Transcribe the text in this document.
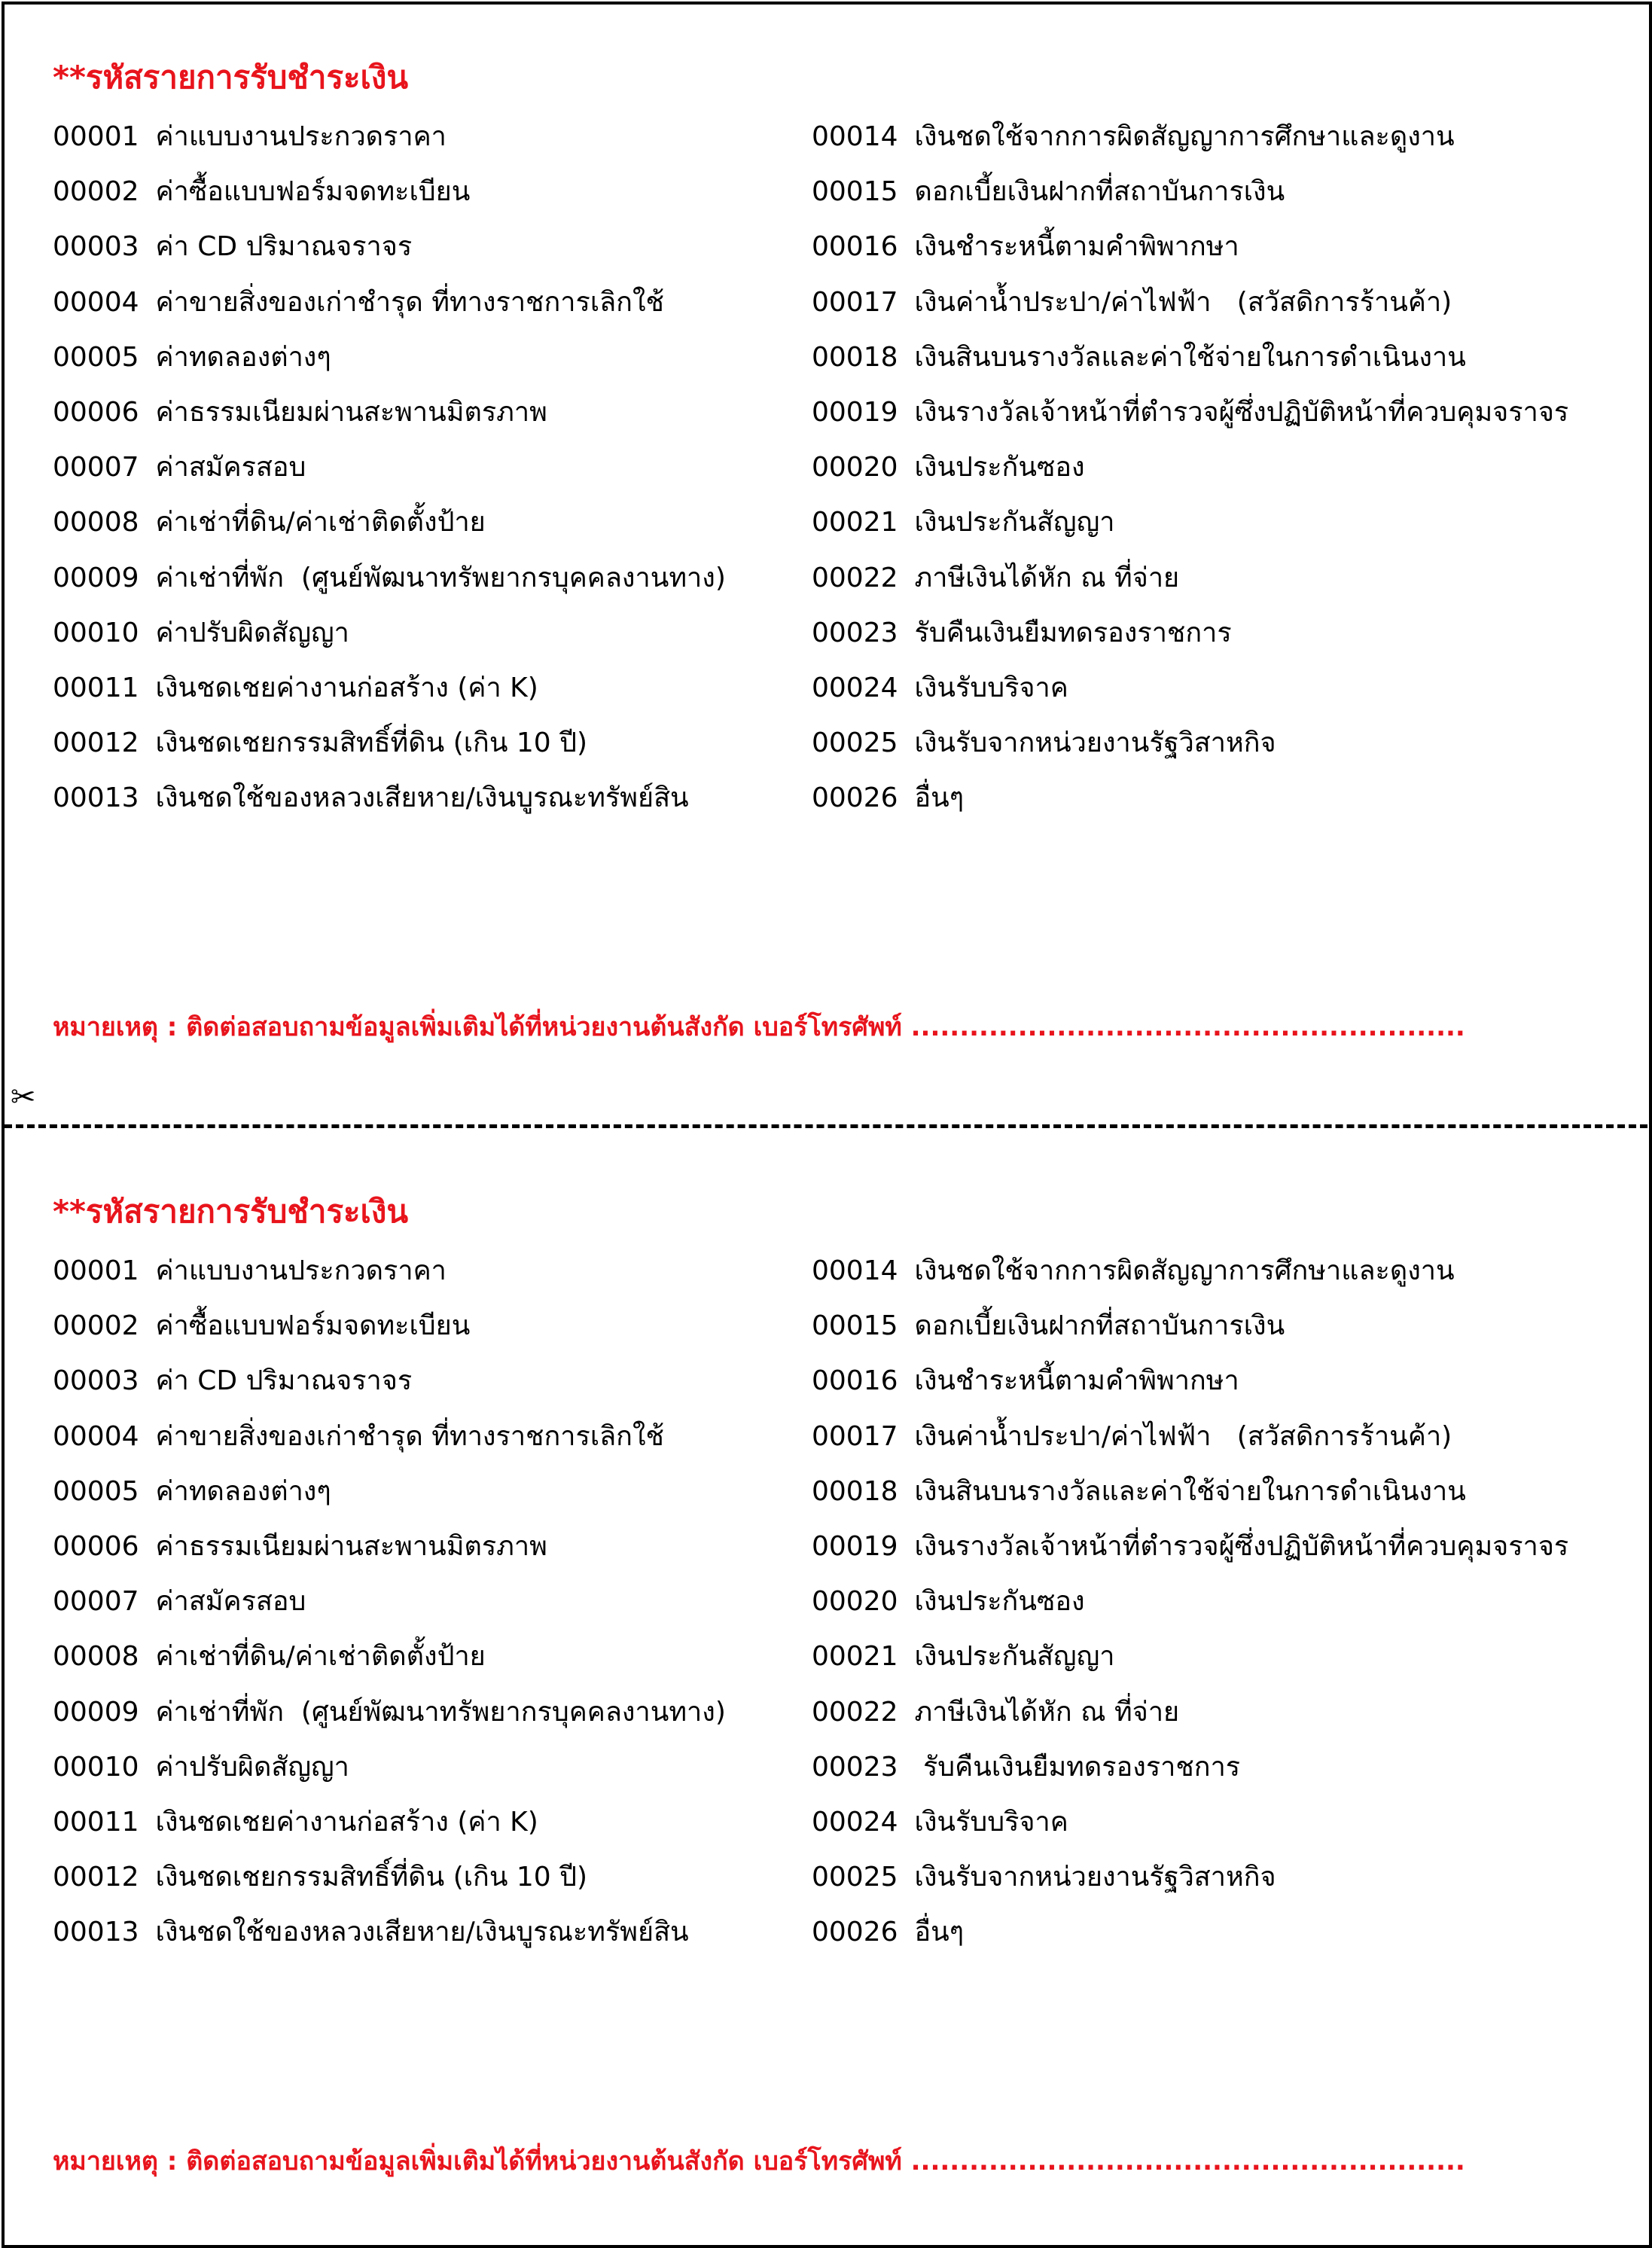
**รหัสรายการรับชำระเงิน
00001 ค่าแบบงานประกวดราคา
00002 ค่าซื้อแบบฟอร์มจดทะเบียน
00003 ค่า CD ปริมาณจราจร
00004 ค่าขายสิ่งของเก่าชำรุด ที่ทางราชการเลิกใช้
00005 ค่าทดลองต่างๆ
00006 ค่าธรรมเนียมผ่านสะพานมิตรภาพ
00007 ค่าสมัครสอบ
00008 ค่าเช่าที่ดิน/ค่าเช่าติดตั้งป้าย
00009 ค่าเช่าที่พัก  (ศูนย์พัฒนาทรัพยากรบุคคลงานทาง)
00010 ค่าปรับผิดสัญญา
00011 เงินชดเชยค่างานก่อสร้าง (ค่า K)
00012 เงินชดเชยกรรมสิทธิ์ที่ดิน (เกิน 10 ปี)
00013 เงินชดใช้ของหลวงเสียหาย/เงินบูรณะทรัพย์สิน
00014 เงินชดใช้จากการผิดสัญญาการศึกษาและดูงาน
00015 ดอกเบี้ยเงินฝากที่สถาบันการเงิน
00016 เงินชำระหนี้ตามคำพิพากษา
00017 เงินค่าน้ำประปา/ค่าไฟฟ้า   (สวัสดิการร้านค้า)
00018 เงินสินบนรางวัลและค่าใช้จ่ายในการดำเนินงาน
00019 เงินรางวัลเจ้าหน้าที่ตำรวจผู้ซึ่งปฏิบัติหน้าที่ควบคุมจราจร
00020 เงินประกันซอง
00021 เงินประกันสัญญา
00022 ภาษีเงินได้หัก ณ ที่จ่าย
00023 รับคืนเงินยืมทดรองราชการ
00024 เงินรับบริจาค
00025 เงินรับจากหน่วยงานรัฐวิสาหกิจ
00026 อื่นๆ
หมายเหตุ : ติดต่อสอบถามข้อมูลเพิ่มเติมได้ที่หน่วยงานต้นสังกัด เบอร์โทรศัพท์ .........................................................
✂
**รหัสรายการรับชำระเงิน
00001 ค่าแบบงานประกวดราคา
00002 ค่าซื้อแบบฟอร์มจดทะเบียน
00003 ค่า CD ปริมาณจราจร
00004 ค่าขายสิ่งของเก่าชำรุด ที่ทางราชการเลิกใช้
00005 ค่าทดลองต่างๆ
00006 ค่าธรรมเนียมผ่านสะพานมิตรภาพ
00007 ค่าสมัครสอบ
00008 ค่าเช่าที่ดิน/ค่าเช่าติดตั้งป้าย
00009 ค่าเช่าที่พัก  (ศูนย์พัฒนาทรัพยากรบุคคลงานทาง)
00010 ค่าปรับผิดสัญญา
00011 เงินชดเชยค่างานก่อสร้าง (ค่า K)
00012 เงินชดเชยกรรมสิทธิ์ที่ดิน (เกิน 10 ปี)
00013 เงินชดใช้ของหลวงเสียหาย/เงินบูรณะทรัพย์สิน
00014 เงินชดใช้จากการผิดสัญญาการศึกษาและดูงาน
00015 ดอกเบี้ยเงินฝากที่สถาบันการเงิน
00016 เงินชำระหนี้ตามคำพิพากษา
00017 เงินค่าน้ำประปา/ค่าไฟฟ้า   (สวัสดิการร้านค้า)
00018 เงินสินบนรางวัลและค่าใช้จ่ายในการดำเนินงาน
00019 เงินรางวัลเจ้าหน้าที่ตำรวจผู้ซึ่งปฏิบัติหน้าที่ควบคุมจราจร
00020 เงินประกันซอง
00021 เงินประกันสัญญา
00022 ภาษีเงินได้หัก ณ ที่จ่าย
00023 รับคืนเงินยืมทดรองราชการ
00024 เงินรับบริจาค
00025 เงินรับจากหน่วยงานรัฐวิสาหกิจ
00026 อื่นๆ
หมายเหตุ : ติดต่อสอบถามข้อมูลเพิ่มเติมได้ที่หน่วยงานต้นสังกัด เบอร์โทรศัพท์ .........................................................
